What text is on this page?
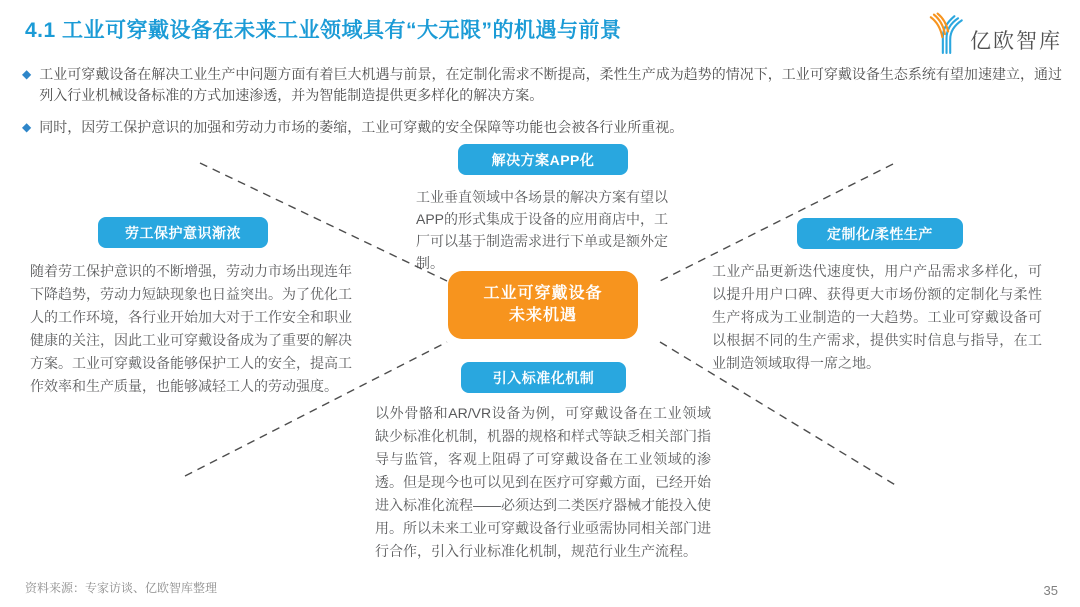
4.1 工业可穿戴设备在未来工业领域具有“大无限”的机遇与前景	亿欧智库
◆ 工业可穿戴设备在解决工业生产中问题方面有着巨大机遇与前景，在定制化需求不断提高，柔性生产成为趋势的情况下，工业可穿戴设备生态系统有望加速建立，通过列入行业机械设备标准的方式加速渗透，并为智能制造提供更多样化的解决方案。

◆ 同时，因劳工保护意识的加强和劳动力市场的萎缩，工业可穿戴的安全保障等功能也会被各行业所重视。

解决方案APP化
劳工保护意识渐浓	定制化/柔性生产
引入标准化机制
工业可穿戴设备
未来机遇

工业垂直领域中各场景的解决方案有望以APP的形式集成于设备的应用商店中，工厂可以基于制造需求进行下单或是额外定制。

随着劳工保护意识的不断增强，劳动力市场出现连年下降趋势，劳动力短缺现象也日益突出。为了优化工人的工作环境，各行业开始加大对于工作安全和职业健康的关注，因此工业可穿戴设备成为了重要的解决方案。工业可穿戴设备能够保护工人的安全，提高工作效率和生产质量，也能够减轻工人的劳动强度。

工业产品更新迭代速度快，用户产品需求多样化，可以提升用户口碑、获得更大市场份额的定制化与柔性生产将成为工业制造的一大趋势。工业可穿戴设备可以根据不同的生产需求，提供实时信息与指导，在工业制造领域取得一席之地。

以外骨骼和AR/VR设备为例，可穿戴设备在工业领域缺少标准化机制，机器的规格和样式等缺乏相关部门指导与监管，客观上阻碍了可穿戴设备在工业领域的渗透。但是现今也可以见到在医疗可穿戴方面，已经开始进入标准化流程——必须达到二类医疗器械才能投入使用。所以未来工业可穿戴设备行业亟需协同相关部门进行合作，引入行业标准化机制，规范行业生产流程。

资料来源：专家访谈、亿欧智库整理	35
